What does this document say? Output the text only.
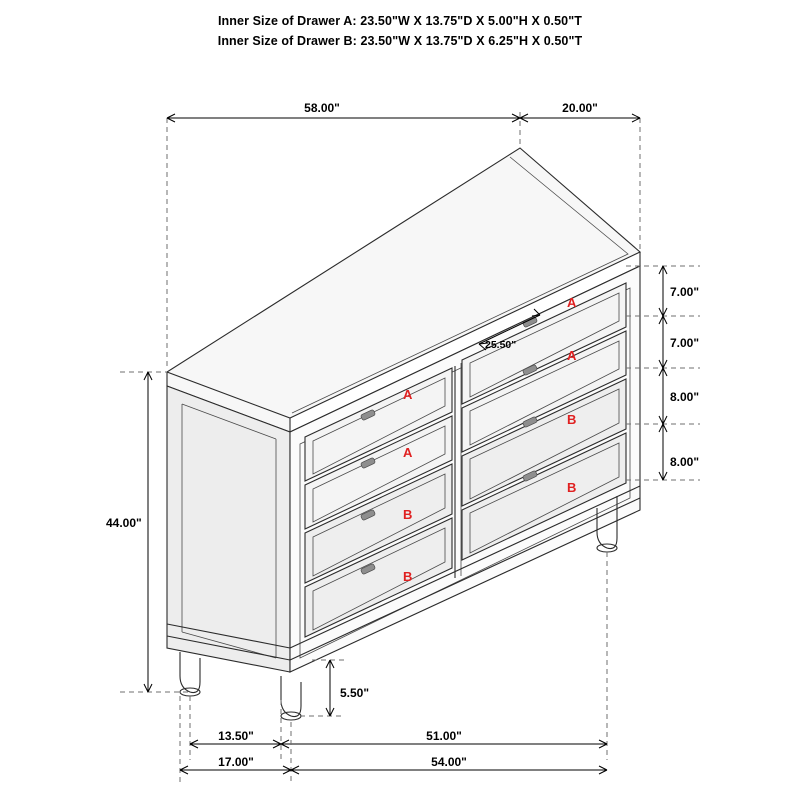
Inner Size of Drawer A: 23.50"W X 13.75"D X 5.00"H X 0.50"T
Inner Size of Drawer B: 23.50"W X 13.75"D X 6.25"H X 0.50"T
A
A
B
B
A
A
B
B
58.00"	20.00"
7.00"
7.00"
8.00"
8.00"
25.50"
44.00"
5.50"
13.50"	51.00"
17.00"	54.00"
